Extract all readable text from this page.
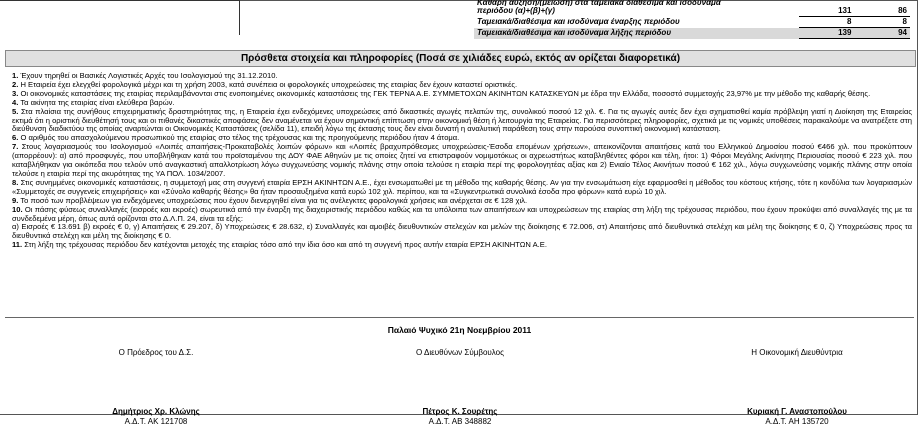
Καθαρή αύξηση/(μείωση) στα ταμειακά διαθέσιμα και ισοδύναμα		
περιόδου (α)+(β)+(γ)	131	86
Ταμειακά/διαθέσιμα και ισοδύναμα έναρξης περιόδου	8	8
Ταμειακά/διαθέσιμα και ισοδύναμα λήξης περιόδου	139	94
Πρόσθετα στοιχεία και πληροφορίες (Ποσά σε χιλιάδες ευρώ, εκτός αν ορίζεται διαφορετικά)

1. Έχουν τηρηθεί οι Βασικές Λογιστικές Αρχές του Ισολογισμού της 31.12.2010.

2. Η Εταιρεία έχει ελεγχθεί φορολογικά μέχρι και τη χρήση 2003, κατά συνέπεια οι φορολογικές υποχρεώσεις της εταιρίας δεν έχουν καταστεί οριστικές.

3. Οι οικονομικές καταστάσεις της εταιρίας περιλαμβάνονται στις ενοποιημένες οικονομικές καταστάσεις της ΓΕΚ ΤΕΡΝΑ Α.Ε. ΣΥΜΜΕΤΟΧΩΝ ΑΚΙΝΗΤΩΝ ΚΑΤΑΣΚΕΥΩΝ με έδρα την Ελλάδα, ποσοστό συμμετοχής 23,97% με την μέθοδο της καθαρής θέσης.

4. Τα ακίνητα της εταιρίας είναι ελεύθερα βαρών.

5. Στα πλαίσια της συνήθους επιχειρηματικής δραστηριότητας της, η Εταιρεία έχει ενδεχόμενες υποχρεώσεις από δικαστικές αγωγές πελατών της, συνολικού ποσού 12 χιλ. €. Για τις αγωγές αυτές δεν έχει σχηματισθεί καμία πρόβλεψη γιατί η Διοίκηση της Εταιρείας εκτιμά ότι η οριστική διευθέτησή τους και οι πιθανές δικαστικές αποφάσεις δεν αναμένεται να έχουν σημαντική επίπτωση στην οικονομική θέση ή λειτουργία της Εταιρείας. Για περισσότερες πληροφορίες, σχετικά με τις νομικές υποθέσεις παρακαλούμε να ανατρέξετε στη διεύθυνση διαδικτύου της οποίας αναρτώνται οι Οικονομικές Καταστάσεις (σελίδα 11), επειδή λόγω της έκτασης τους δεν είναι δυνατή η αναλυτική παράθεση τους στην παρούσα συνοπτική οικονομική κατάσταση.

6. Ο αριθμός του απασχολούμενου προσωπικού της εταιρίας στο τέλος της τρέχουσας και της προηγούμενης περιόδου ήταν 4 άτομα.

7. Στους λογαριασμούς του Ισολογισμού «Λοιπές απαιτήσεις-Προκαταβολές λοιπών φόρων» και «Λοιπές βραχυπρόθεσμες υποχρεώσεις-Έσοδα επομένων χρήσεων», απεικονίζονται απαιτήσεις κατά του Ελληνικού Δημοσίου ποσού €466 χιλ. που προκύπτουν (απορρέουν): α) από προσφυγές, που υποβλήθηκαν κατά του προϊσταμένου της ΔΟΥ ΦΑΕ Αθηνών με τις οποίες ζητεί να επιστραφούν νομιμοτόκως οι αχρεωστήτως καταβληθέντες φόροι και τέλη, ήτοι: 1) Φόροι Μεγάλης Ακίνητης Περιουσίας ποσού € 223 χιλ. που καταβλήθηκαν για οικόπεδα που τελούν υπό αναγκαστική απαλλοτρίωση λόγω συγχωνεύσης νομικής πλάνης στην οποία τελούσε η εταιρία περί της φορολογητέας αξίας και 2) Ενιαίο Τέλος Ακινήτων ποσού € 162 χιλ., λόγω συγχωνεύσης νομικής πλάνης στην οποία τελούσε η εταιρία περί της ακυρότητας της ΥΑ ΠΟΛ. 1034/2007.

8. Στις συνημμένες οικονομικές καταστάσεις, η συμμετοχή μας στη συγγενή εταιρία ΕΡΣΗ ΑΚΙΝΗΤΩΝ Α.Ε., έχει ενσωματωθεί με τη μέθοδο της καθαρής θέσης. Αν για την ενσωμάτωση είχε εφαρμοσθεί η μέθοδος του κόστους κτήσης, τότε η κονδύλια των λογαριασμών «Συμμετοχές σε συγγενείς επιχειρήσεις» και «Σύνολο καθαρής θέσης» θα ήταν προσαυξημένα κατά ευρώ 102 χιλ. περίπου, και τα «Συγκεντρωτικά συνολικά έσοδα προ φόρων» κατά ευρώ 10 χιλ.

9. Το ποσό των προβλέψεων για ενδεχόμενες υποχρεώσεις που έχουν διενεργηθεί είναι για τις ανέλεγκτες φορολογικά χρήσεις και ανέρχεται σε € 128 χιλ.

10. Οι πάσης φύσεως συναλλαγές (εισροές και εκροές) σωρευτικά από την έναρξη της διαχειριστικής περιόδου καθώς και τα υπόλοιπα των απαιτήσεων και υποχρεώσεων της εταιρίας στη λήξη της τρέχουσας περιόδου, που έχουν προκύψει από συναλλαγές της με τα συνδεδεμένα μέρη, όπως αυτά ορίζονται στο Δ.Λ.Π. 24, είναι τα εξής:

α) Εισροές € 13.691 β) εκροές € 0, γ) Απαιτήσεις € 29.207, δ) Υποχρεώσεις € 28.632, ε) Συναλλαγές και αμοιβές διευθυντικών στελεχών και μελών της διοίκησης € 72.006, στ) Απαιτήσεις από διευθυντικά στελέχη και μέλη της διοίκησης € 0, ζ) Υποχρεώσεις προς τα διευθυντικά στελέχη και μέλη της διοίκησης € 0.

11. Στη λήξη της τρέχουσας περιόδου δεν κατέχονται μετοχές της εταιρίας τόσο από την ίδια όσο και από τη συγγενή προς αυτήν εταιρία ΕΡΣΗ ΑΚΙΝΗΤΩΝ Α.Ε.

Παλαιό Ψυχικό 21η Νοεμβρίου 2011
Ο Πρόεδρος του Δ.Σ.
Δημήτριος Χρ. Κλώνης
Α.Δ.Τ. ΑΚ 121708
Ο Διευθύνων Σύμβουλος
Πέτρος Κ. Σουρέτης
Α.Δ.Τ. ΑΒ 348882
Η Οικονομική Διευθύντρια
Κυριακή Γ. Αναστοπούλου
Α.Δ.Τ. ΑΗ 135720
